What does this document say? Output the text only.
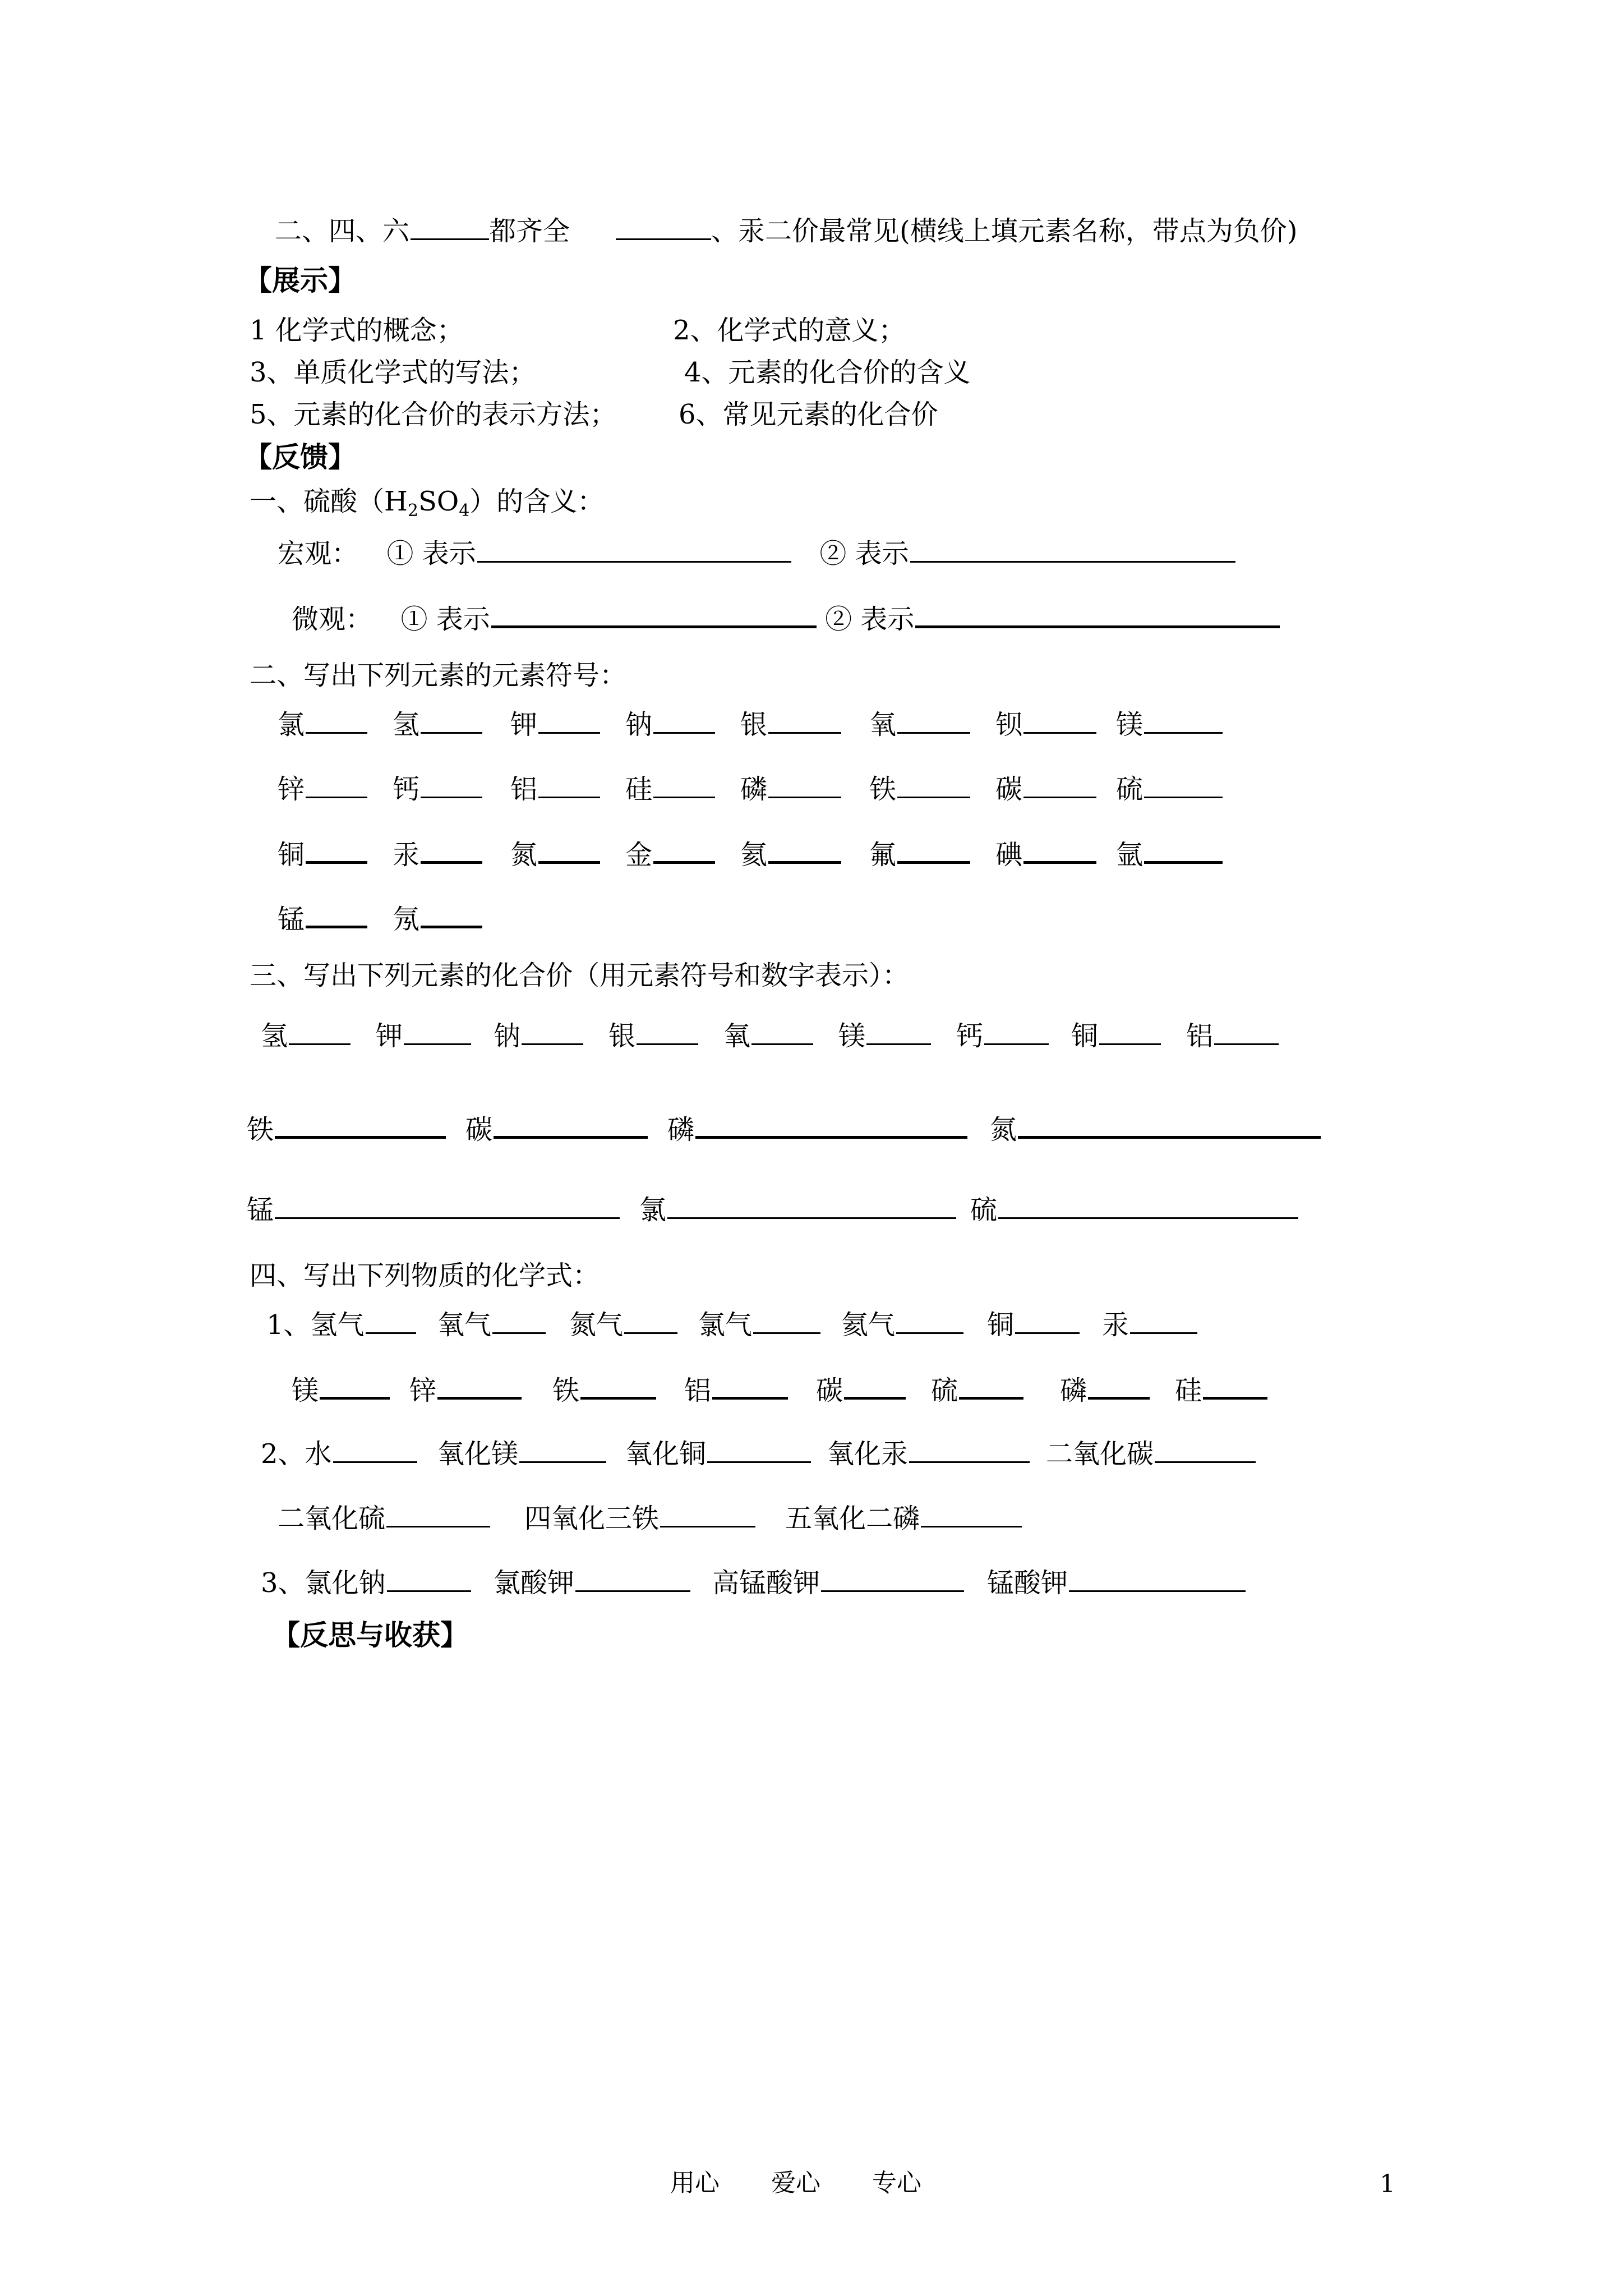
二、四、六	都齐全	、汞二价最常见(横线上填元素名称，带点为负价)
【展示】
1 化学式的概念；	2、化学式的意义；
3、单质化学式的写法；	4、元素的化合价的含义
5、元素的化合价的表示方法； 6、常见元素的化合价
【反馈】
一、硫酸$(H_2SO_4)$的含义：
宏观： ① 表示	② 表示
微观： ① 表示	② 表示
二、写出下列元素的元素符号：
氯	氢	钾	钠	银	氧	钡	镁
锌	钙	铝	硅	磷	铁	碳	硫
铜	汞	氮	金	氦	氟	碘	氩
锰	氖
三、写出下列元素的化合价（用元素符号和数字表示）：
氢	钾	钠	银	氧	镁	钙	铜	铝
铁	碳	磷	氮
锰	氯	硫
四、写出下列物质的化学式：
1、氢气	氧气	氮气	氯气	氦气	铜	汞
镁	锌	铁	铝	碳	硫	磷	硅
2、水	氧化镁	氧化铜	氧化汞	二氧化碳
二氧化硫	四氧化三铁	五氧化二磷
3、氯化钠	氯酸钾	高锰酸钾	锰酸钾
【反思与收获】
用心 爱心 专心	1
